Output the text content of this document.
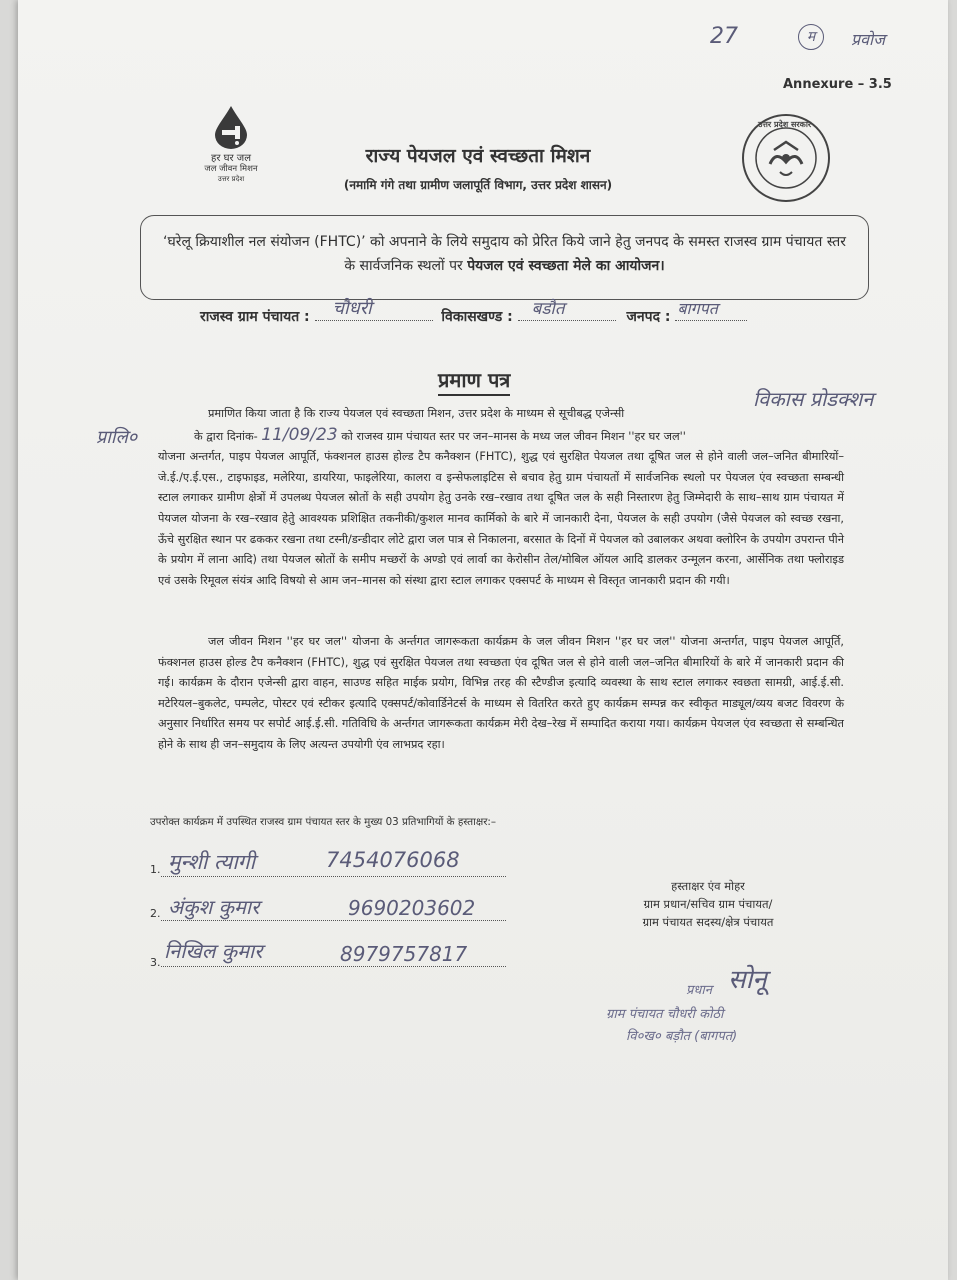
27	म	प्रवोज
Annexure – 3.5
हर घर जल
जल जीवन मिशन
उत्तर प्रदेश
उत्तर प्रदेश सरकार
राज्य पेयजल एवं स्वच्छता मिशन
(नमामि गंगे तथा ग्रामीण जलापूर्ति विभाग, उत्तर प्रदेश शासन)

‘घरेलू क्रियाशील नल संयोजन (FHTC)’ को अपनाने के लिये समुदाय को प्रेरित किये जाने हेतु जनपद के समस्त राजस्व ग्राम पंचायत स्तर के सार्वजनिक स्थलों पर पेयजल एवं स्वच्छता मेले का आयोजन।

राजस्व ग्राम पंचायत : चौधरी	विकासखण्ड : बडौत	जनपद : बागपत
प्रमाण पत्र
विकास प्रोडक्शन
प्रालि०

प्रमाणित किया जाता है कि राज्य पेयजल एवं स्वच्छता मिशन, उत्तर प्रदेश के माध्यम से सूचीबद्ध एजेन्सी

के द्वारा दिनांक- 11/09/23 को राजस्व ग्राम पंचायत स्तर पर जन–मानस के मध्य जल जीवन मिशन ''हर घर जल''

योजना अन्तर्गत, पाइप पेयजल आपूर्ति, फंक्शनल हाउस होल्ड टैप कनैक्शन (FHTC), शुद्ध एवं सुरक्षित पेयजल तथा दूषित जल से होने वाली जल–जनित बीमारियों–जे.ई./ए.ई.एस., टाइफाइड, मलेरिया, डायरिया, फाइलेरिया, कालरा व इन्सेफलाइटिस से बचाव हेतु ग्राम पंचायतों में सार्वजनिक स्थलो पर पेयजल एंव स्वच्छता सम्बन्धी स्टाल लगाकर ग्रामीण क्षेत्रों में उपलब्ध पेयजल स्रोतों के सही उपयोग हेतु उनके रख–रखाव तथा दूषित जल के सही निस्तारण हेतु जिम्मेदारी के साथ–साथ ग्राम पंचायत में पेयजल योजना के रख–रखाव हेतुे आवश्यक प्रशिक्षित तकनीकी/कुशल मानव कार्मिको के बारे में जानकारी देना, पेयजल के सही उपयोग (जैसे पेयजल को स्वच्छ रखना, ऊँचे सुरक्षित स्थान पर ढककर रखना तथा टस्नी/डन्डीदार लोटे द्वारा जल पात्र से निकालना, बरसात के दिनों में पेयजल को उबालकर अथवा क्लोरिन के उपयोग उपरान्त पीने के प्रयोग में लाना आदि) तथा पेयजल स्रोतों के समीप मच्छरों के अण्डो एवं लार्वा का केरोसीन तेल/मोबिल ऑयल आदि डालकर उन्मूलन करना, आर्सेनिक तथा फ्लोराइड एवं उसके रिमूवल संयंत्र आदि विषयो से आम जन–मानस को संस्था द्वारा स्टाल लगाकर एक्सपर्ट के माध्यम से विस्तृत जानकारी प्रदान की गयी।

जल जीवन मिशन ''हर घर जल'' योजना के अर्न्तगत जागरूकता कार्यक्रम के जल जीवन मिशन ''हर घर जल'' योजना अन्तर्गत, पाइप पेयजल आपूर्ति, फंक्शनल हाउस होल्ड टैप कनैक्शन (FHTC), शुद्ध एवं सुरक्षित पेयजल तथा स्वच्छता एंव दूषित जल से होने वाली जल–जनित बीमारियों के बारे में जानकारी प्रदान की गई। कार्यक्रम के दौरान एजेन्सी द्वारा वाहन, साउण्ड सहित माईक प्रयोग, विभिन्न तरह की स्टैण्डीज इत्यादि व्यवस्था के साथ स्टाल लगाकर स्वछता सामग्री, आई.ई.सी. मटेरियल–बुकलेट, पम्पलेट, पोस्टर एवं स्टीकर इत्यादि एक्सपर्ट/कोवार्डिनेटर्स के माध्यम से वितरित करते हुए कार्यक्रम सम्पन्न कर स्वीकृत माड्यूल/व्यय बजट विवरण के अनुसार निर्धारित समय पर सपोर्ट आई.ई.सी. गतिविधि के अर्न्तगत जागरूकता कार्यक्रम मेरी देख–रेख में सम्पादित कराया गया। कार्यक्रम पेयजल एंव स्वच्छता से सम्बन्धित होने के साथ ही जन–समुदाय के लिए अत्यन्त उपयोगी एंव लाभप्रद रहा।

उपरोक्त कार्यक्रम में उपस्थित राजस्व ग्राम पंचायत स्तर के मुख्य 03 प्रतिभागियों के हस्ताक्षर:–
1. मुन्शी त्यागी	7454076068
2. अंकुश कुमार	9690203602
3. निखिल कुमार	8979757817
हस्ताक्षर एंव मोहर
ग्राम प्रधान/सचिव ग्राम पंचायत/
ग्राम पंचायत सदस्य/क्षेत्र पंचायत
प्रधान सोनू
ग्राम पंचायत चौधरी कोठी
वि०ख० बड़ौत (बागपत)
